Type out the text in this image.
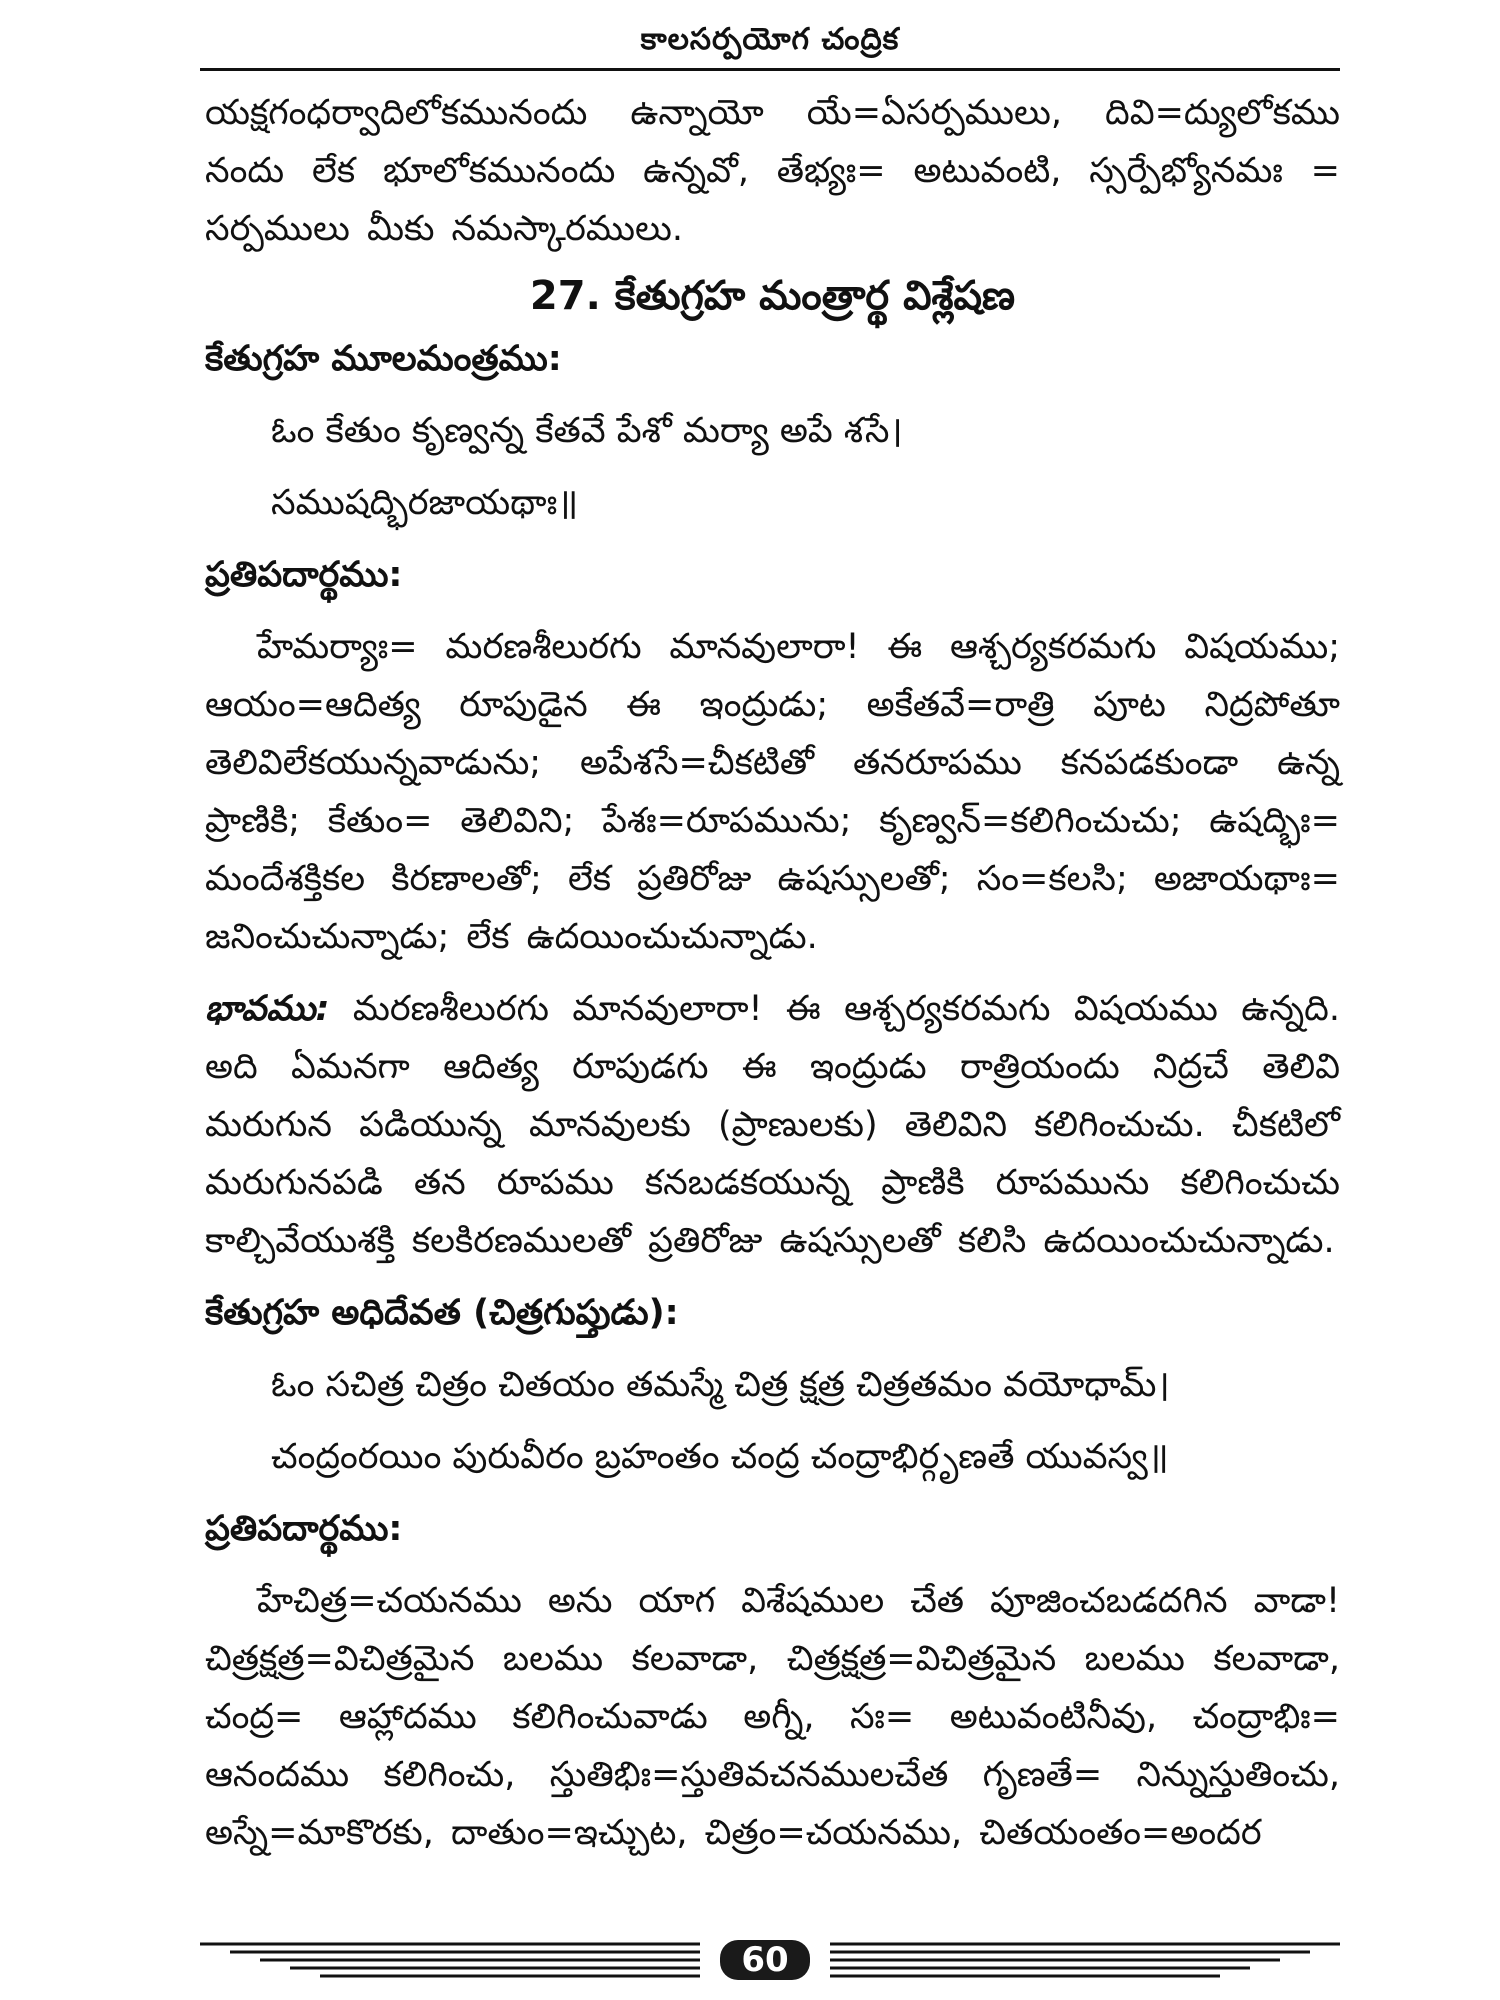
కాలసర్పయోగ చంద్రిక

యక్షగంధర్వాదిలోకమునందు ఉన్నాయో యే=ఏసర్పములు, దివి=ద్యులోకము నందు లేక భూలోకమునందు ఉన్నవో, తేభ్యః= అటువంటి, స్సర్పేభ్యోనమః = సర్పములు మీకు నమస్కారములు.

27. కేతుగ్రహ మంత్రార్థ విశ్లేషణ
కేతుగ్రహ మూలమంత్రము:
ఓం కేతుం కృణ్వన్న కేతవే పేశో మర్యా అపే శసే।
సముషద్భిరజాయథాః॥
ప్రతిపదార్థము:

హేమర్యాః= మరణశీలురగు మానవులారా! ఈ ఆశ్చర్యకరమగు విషయము; ఆయం=ఆదిత్య రూపుడైన ఈ ఇంద్రుడు; అకేతవే=రాత్రి పూట నిద్రపోతూ తెలివిలేకయున్నవాడును; అపేశసే=చీకటితో తనరూపము కనపడకుండా ఉన్న ప్రాణికి; కేతుం= తెలివిని; పేశః=రూపమును; కృణ్వన్=కలిగించుచు; ఉషద్భిః= మందేశక్తికల కిరణాలతో; లేక ప్రతిరోజు ఉషస్సులతో; సం=కలసి; అజాయథాః= జనించుచున్నాడు; లేక ఉదయించుచున్నాడు.

భావము: మరణశీలురగు మానవులారా! ఈ ఆశ్చర్యకరమగు విషయము ఉన్నది. అది ఏమనగా ఆదిత్య రూపుడగు ఈ ఇంద్రుడు రాత్రియందు నిద్రచే తెలివి మరుగున పడియున్న మానవులకు (ప్రాణులకు) తెలివిని కలిగించుచు. చీకటిలో మరుగునపడి తన రూపము కనబడకయున్న ప్రాణికి రూపమును కలిగించుచు కాల్చివేయుశక్తి కలకిరణములతో ప్రతిరోజు ఉషస్సులతో కలిసి ఉదయించుచున్నాడు.

కేతుగ్రహ అధిదేవత (చిత్రగుప్తుడు):
ఓం సచిత్ర చిత్రం చితయం తమస్మే చిత్ర క్షత్ర చిత్రతమం వయోధామ్।
చంద్రంరయిం పురువీరం బ్రహంతం చంద్ర చంద్రాభిర్గృణతే యువస్వ॥
ప్రతిపదార్థము:

హేచిత్ర=చయనము అను యాగ విశేషముల చేత పూజించబడదగిన వాడా! చిత్రక్షత్ర=విచిత్రమైన బలము కలవాడా, చిత్రక్షత్ర=విచిత్రమైన బలము కలవాడా, చంద్ర= ఆహ్లాదము కలిగించువాడు అగ్నీ, సః= అటువంటినీవు, చంద్రాభిః= ఆనందము కలిగించు, స్తుతిభిః=స్తుతివచనములచేత గృణతే= నిన్నుస్తుతించు, అస్నే=మాకొరకు, దాతుం=ఇచ్చుట, చిత్రం=చయనము, చితయంతం=అందర

60
